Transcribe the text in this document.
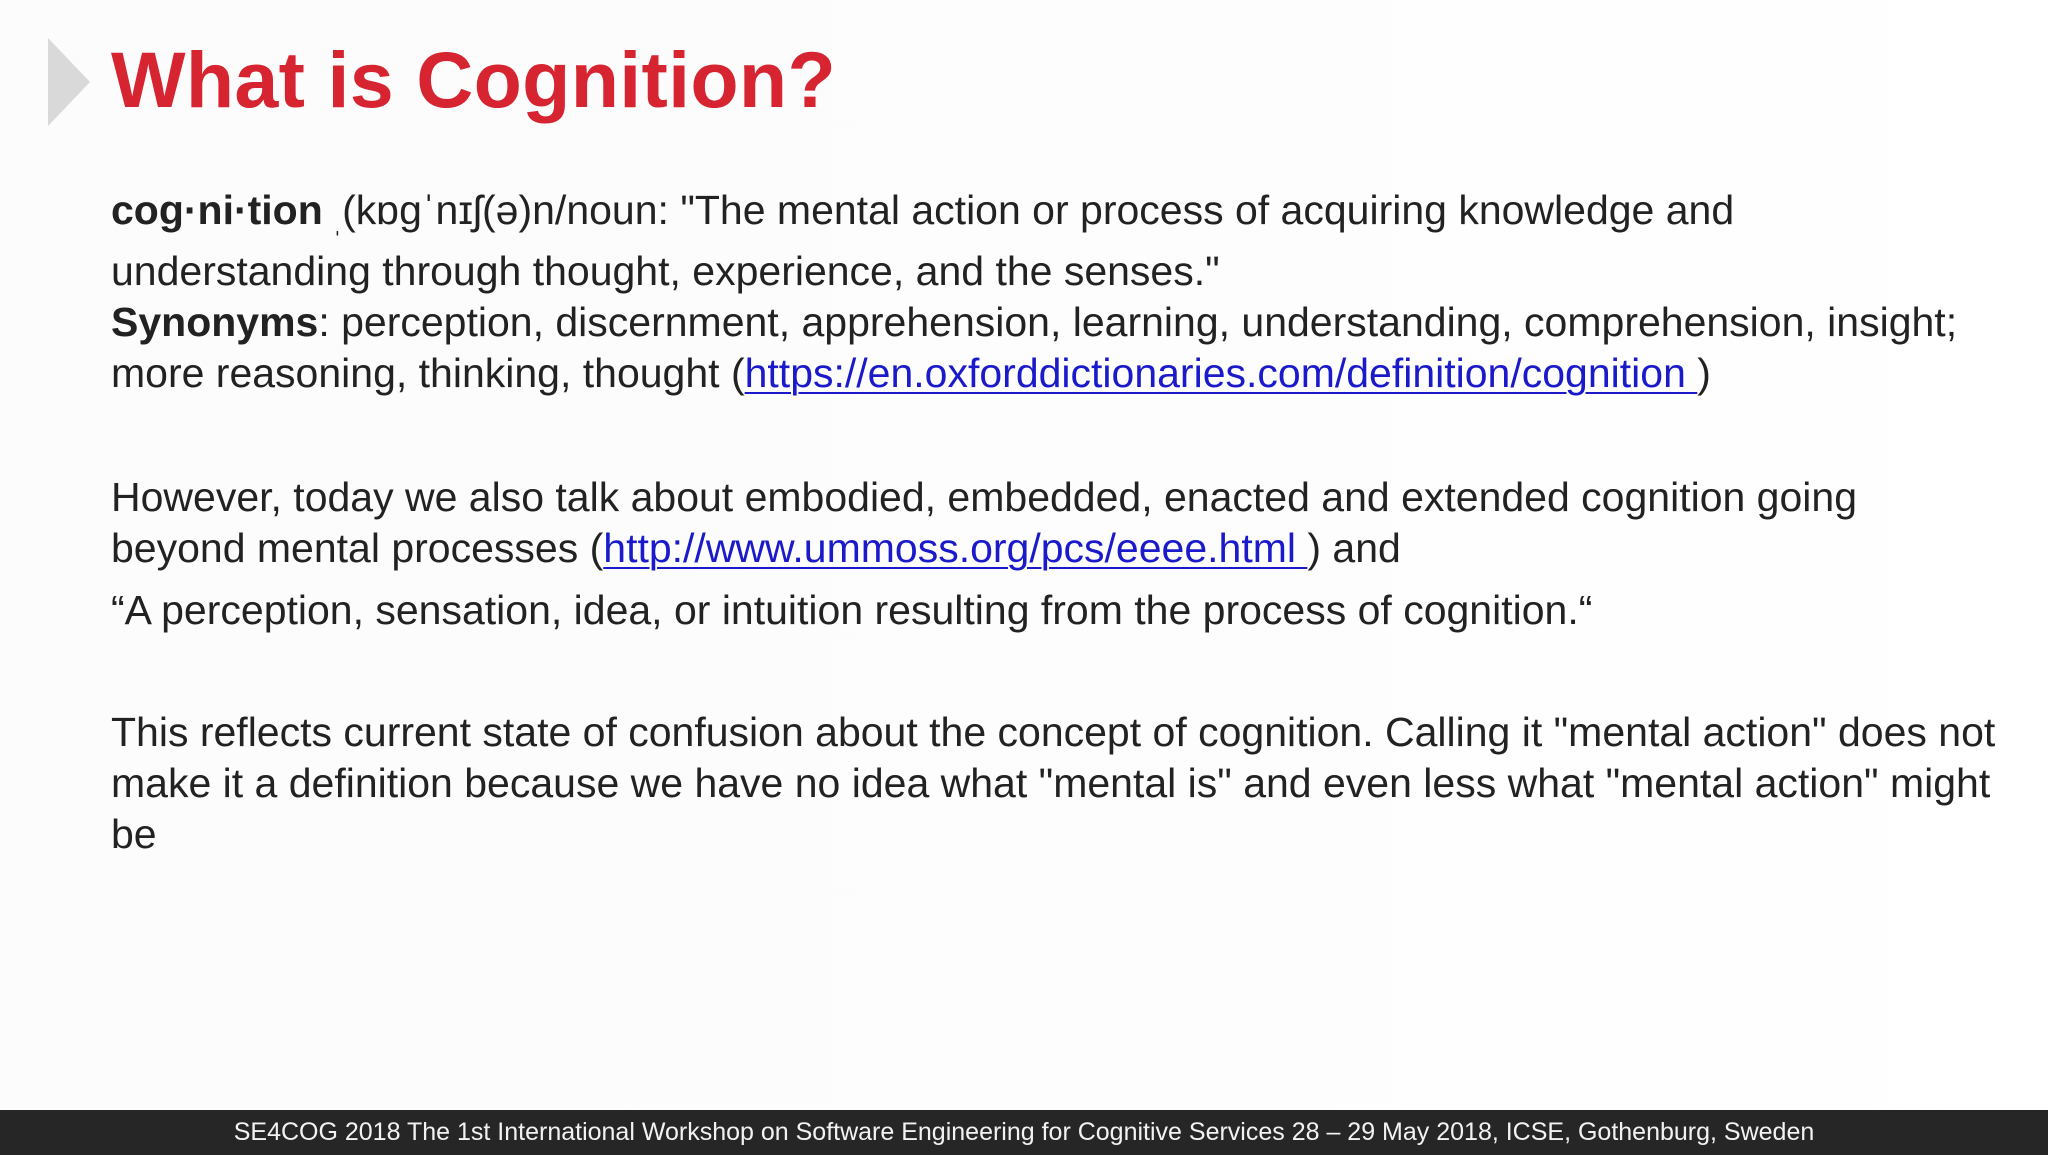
What is Cognition?

cog·ni·tion ˌ(kɒɡˈnɪʃ(ə)n/noun: "The mental action or process of acquiring knowledge and understanding through thought, experience, and the senses."

Synonyms: perception, discernment, apprehension, learning, understanding, comprehension, insight; more reasoning, thinking, thought (https://en.oxforddictionaries.com/definition/cognition )

However, today we also talk about embodied, embedded, enacted and extended cognition going beyond mental processes (http://www.ummoss.org/pcs/eeee.html ) and

“A perception, sensation, idea, or intuition resulting from the process of cognition.“

This reflects current state of confusion about the concept of cognition. Calling it "mental action" does not make it a definition because we have no idea what "mental is" and even less what "mental action" might be

SE4COG 2018 The 1st International Workshop on Software Engineering for Cognitive Services 28 – 29 May 2018, ICSE, Gothenburg, Sweden
